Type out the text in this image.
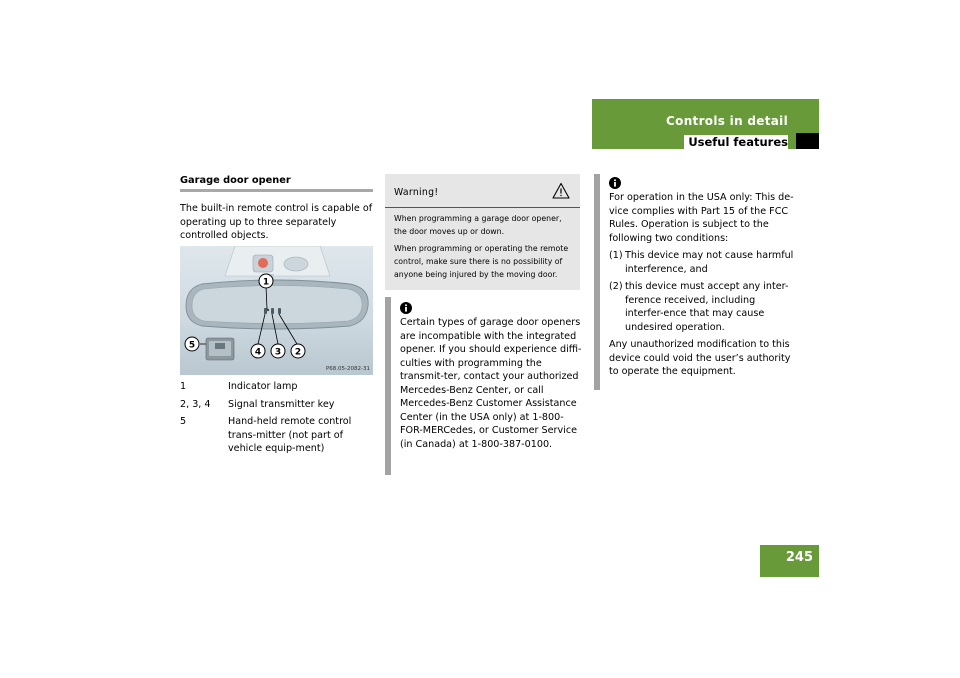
Controls in detail
Useful features
Garage door opener
The built-in remote control is capable of operating up to three separately controlled objects.
1
5
4 3 2
P68.05-2082-31
1	Indicator lamp
2, 3, 4	Signal transmitter key
5	Hand-held remote control trans-mitter (not part of vehicle equip-ment)
Warning!

When programming a garage door opener, the door moves up or down.

When programming or operating the remote control, make sure there is no possibility of anyone being injured by the moving door.

Certain types of garage door openers are incompatible with the integrated opener. If you should experience diffi-culties with programming the transmit-ter, contact your authorized Mercedes-Benz Center, or call Mercedes-Benz Customer Assistance Center (in the USA only) at 1-800-FOR-MERCedes, or Customer Service (in Canada) at 1-800-387-0100.

For operation in the USA only: This de-vice complies with Part 15 of the FCC Rules. Operation is subject to the following two conditions:

(1) This device may not cause harmful interference, and
(2) this device must accept any inter-ference received, including interfer-ence that may cause undesired operation.

Any unauthorized modification to this device could void the user’s authority to operate the equipment.

245
